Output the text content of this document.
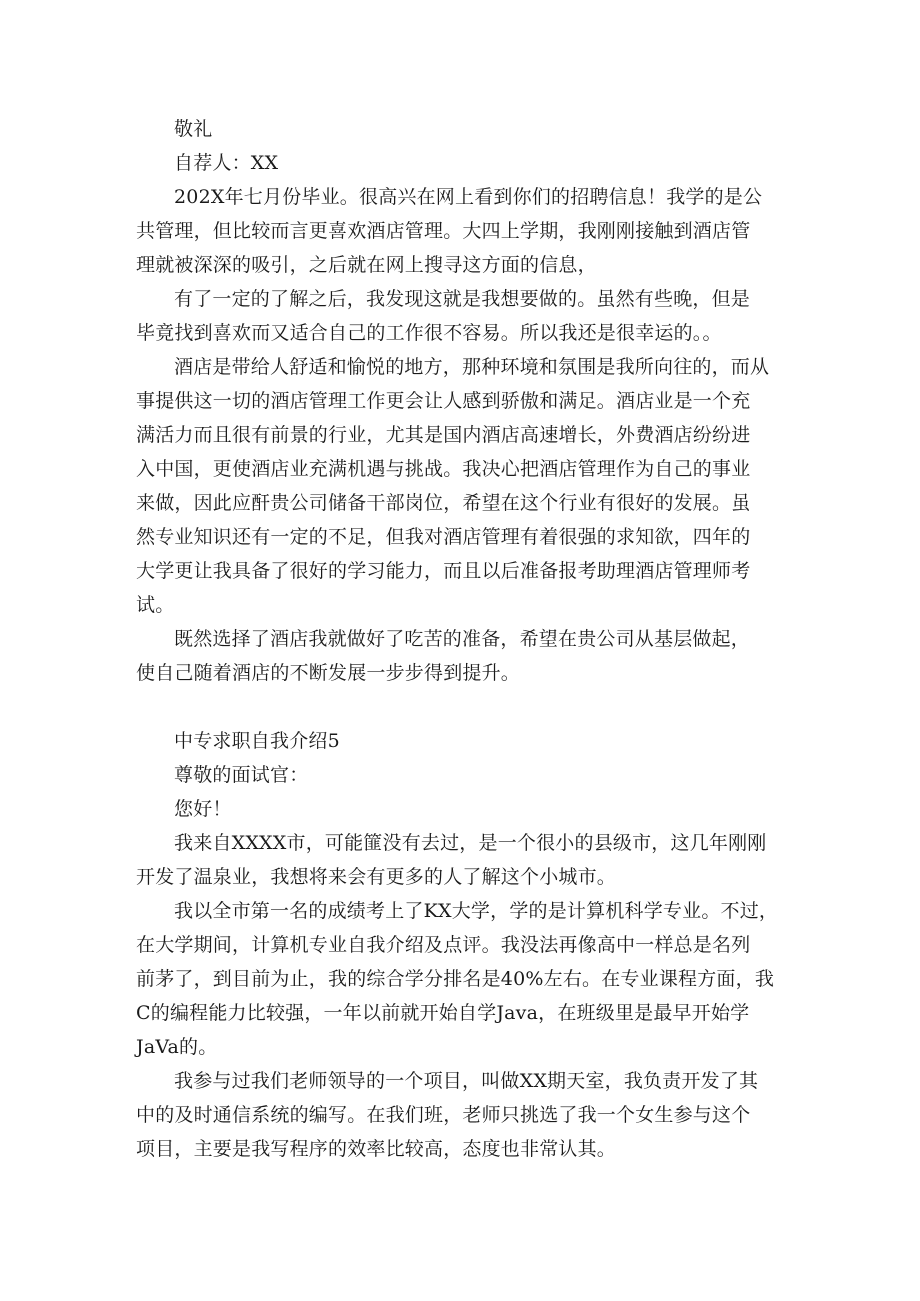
敬礼
自荐人：XX
202X年七月份毕业。很高兴在网上看到你们的招聘信息！我学的是公
共管理，但比较而言更喜欢酒店管理。大四上学期，我刚刚接触到酒店管
理就被深深的吸引，之后就在网上搜寻这方面的信息，
有了一定的了解之后，我发现这就是我想要做的。虽然有些晚，但是
毕竟找到喜欢而又适合自己的工作很不容易。所以我还是很幸运的。。
酒店是带给人舒适和愉悦的地方，那种环境和氛围是我所向往的，而从
事提供这一切的酒店管理工作更会让人感到骄傲和满足。酒店业是一个充
满活力而且很有前景的行业，尤其是国内酒店高速增长，外费酒店纷纷进
入中国，更使酒店业充满机遇与挑战。我决心把酒店管理作为自己的事业
来做，因此应酐贵公司储备干部岗位，希望在这个行业有很好的发展。虽
然专业知识还有一定的不足，但我对酒店管理有着很强的求知欲，四年的
大学更让我具备了很好的学习能力，而且以后准备报考助理酒店管理师考
试。
既然选择了酒店我就做好了吃苦的准备，希望在贵公司从基层做起，
使自己随着酒店的不断发展一步步得到提升。
中专求职自我介绍5
尊敬的面试官：
您好！
我来自XXXX市，可能篚没有去过，是一个很小的县级市，这几年刚刚
开发了温泉业，我想将来会有更多的人了解这个小城市。
我以全市第一名的成绩考上了KX大学，学的是计算机科学专业。不过，
在大学期间，计算机专业自我介绍及点评。我没法再像高中一样总是名列
前茅了，到目前为止，我的综合学分排名是40%左右。在专业课程方面，我
C的编程能力比较强，一年以前就开始自学Java，在班级里是最早开始学
JaVa的。
我参与过我们老师领导的一个项目，叫做XX期天室，我负责开发了其
中的及时通信系统的编写。在我们班，老师只挑选了我一个女生参与这个
项目，主要是我写程序的效率比较高，态度也非常认其。
